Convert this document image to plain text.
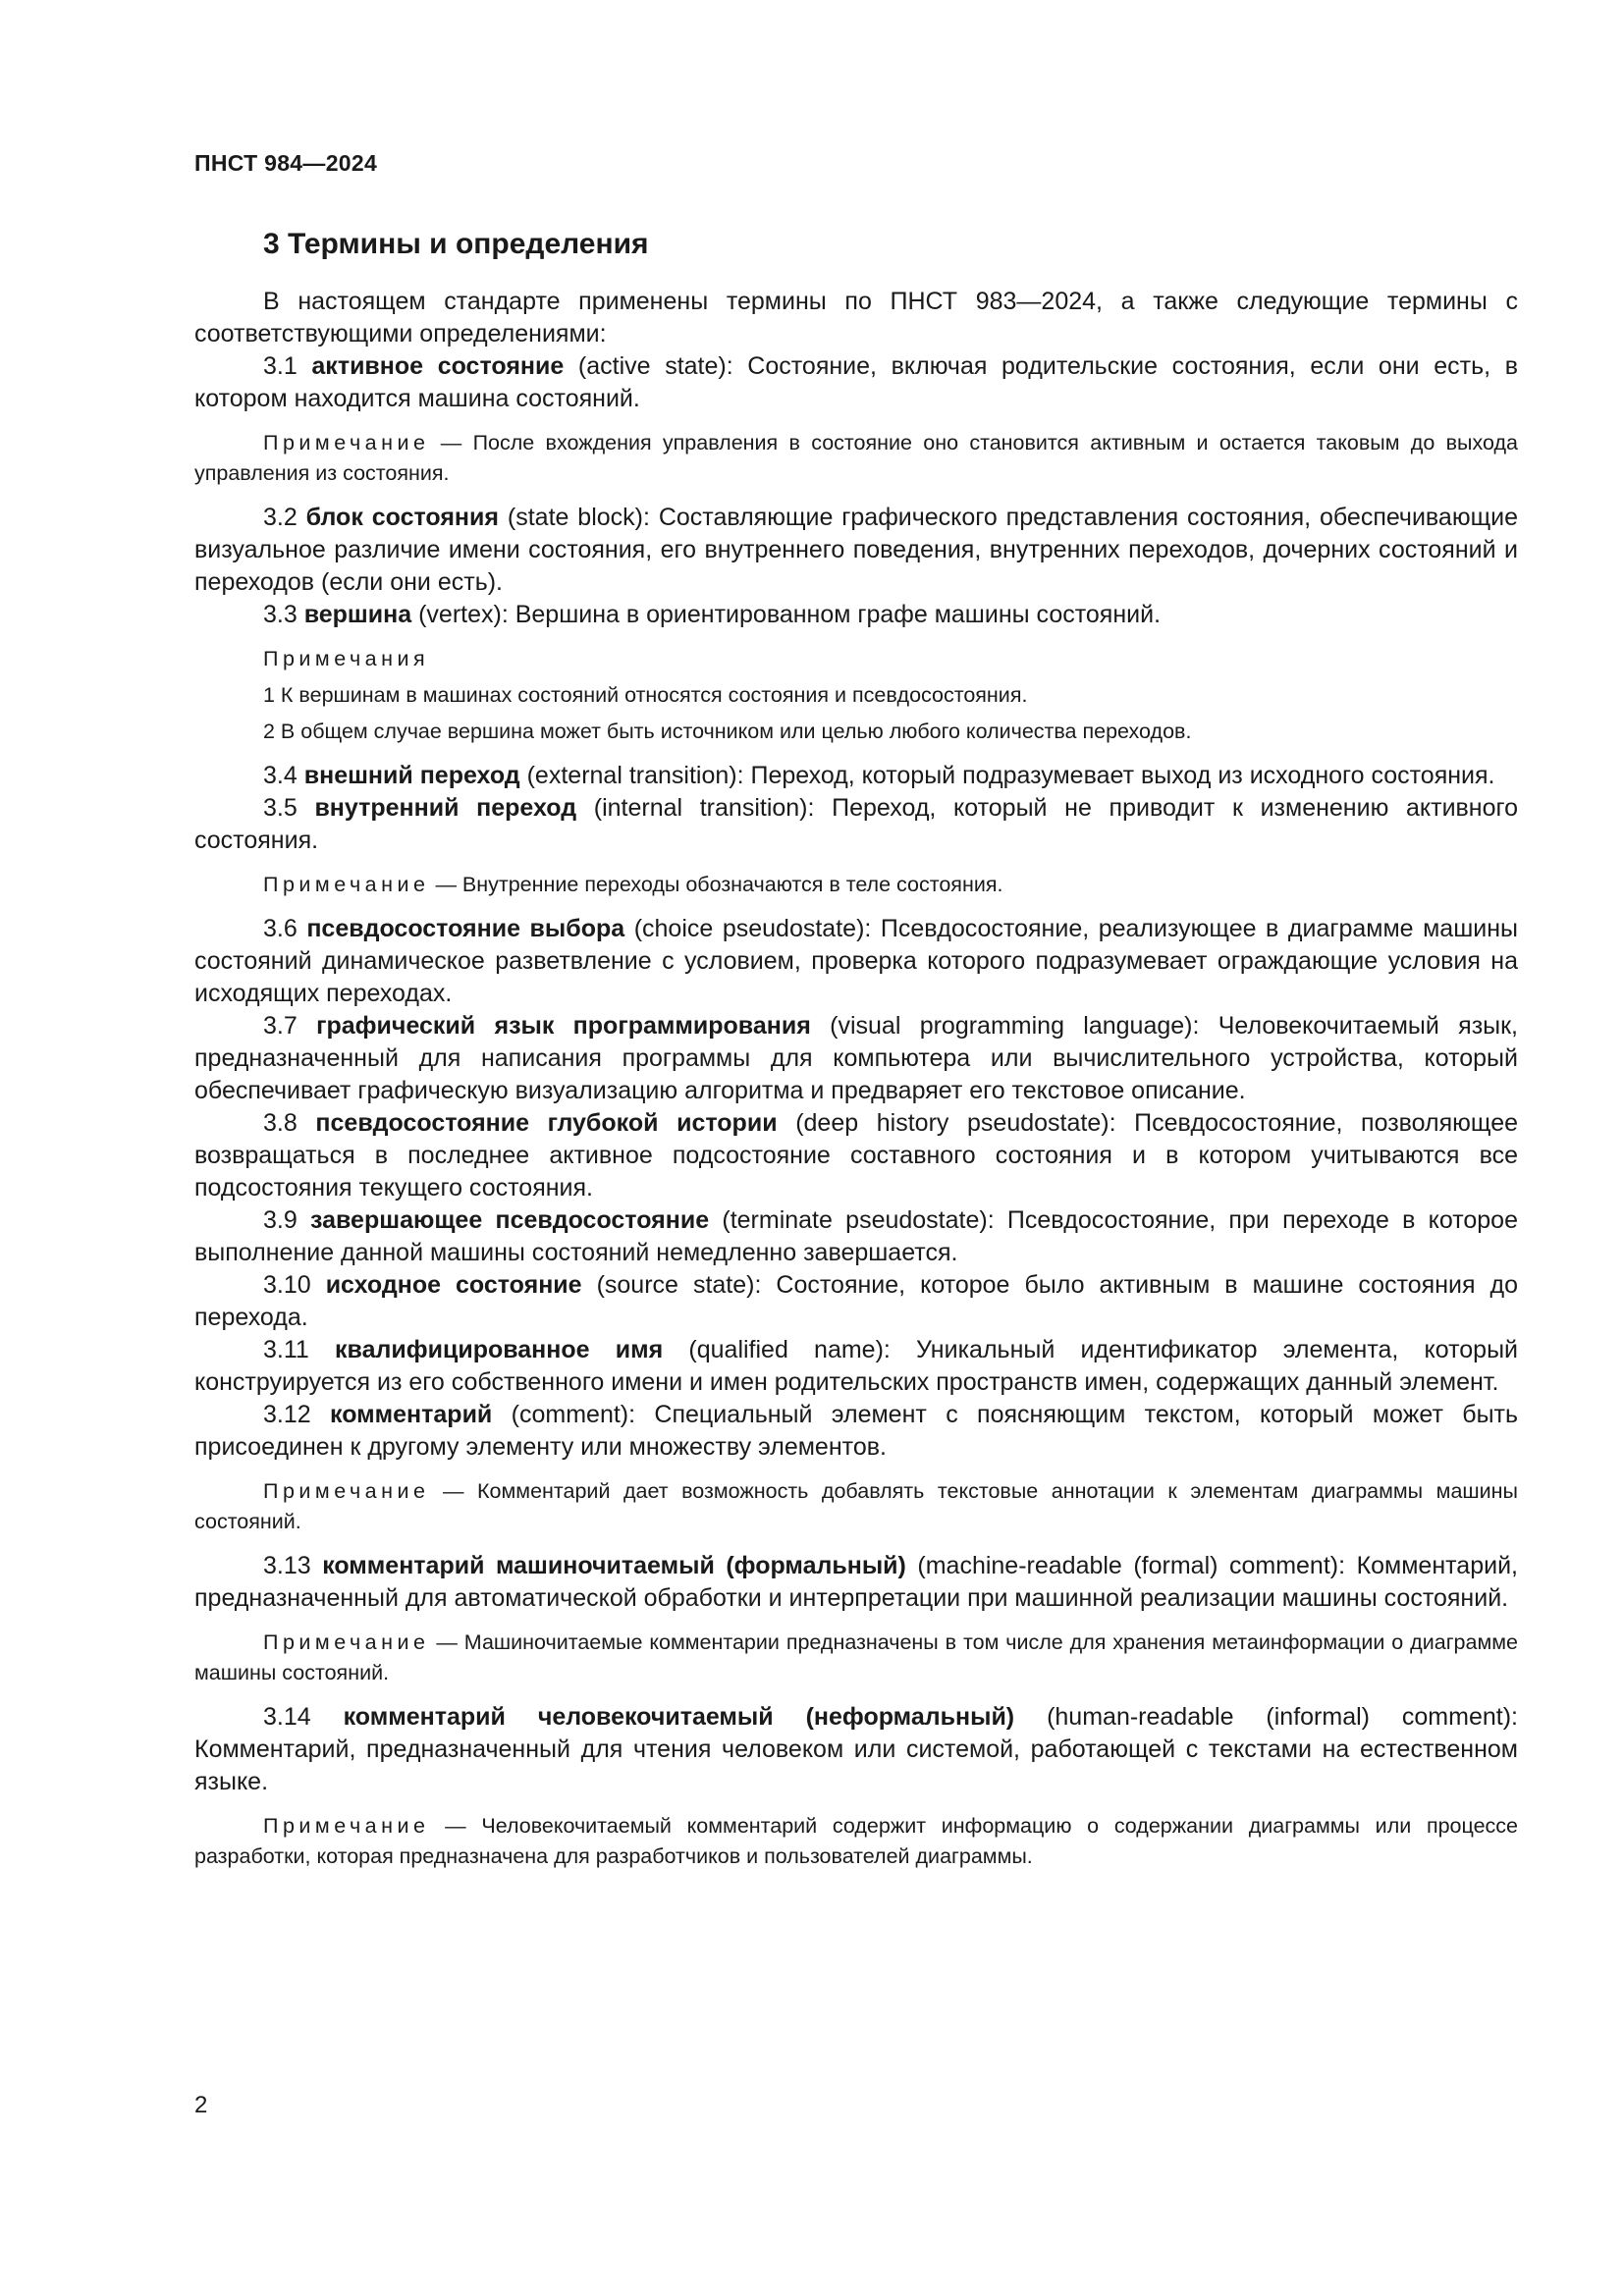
ПНСТ 984—2024
3 Термины и определения

В настоящем стандарте применены термины по ПНСТ 983—2024, а также следующие термины с соответствующими определениями:

3.1 активное состояние (active state): Состояние, включая родительские состояния, если они есть, в котором находится машина состояний.

Примечание — После вхождения управления в состояние оно становится активным и остается таковым до выхода управления из состояния.

3.2 блок состояния (state block): Составляющие графического представления состояния, обеспечивающие визуальное различие имени состояния, его внутреннего поведения, внутренних переходов, дочерних состояний и переходов (если они есть).

3.3 вершина (vertex): Вершина в ориентированном графе машины состояний.

Примечания

1 К вершинам в машинах состояний относятся состояния и псевдосостояния.

2 В общем случае вершина может быть источником или целью любого количества переходов.

3.4 внешний переход (external transition): Переход, который подразумевает выход из исходного состояния.

3.5 внутренний переход (internal transition): Переход, который не приводит к изменению активного состояния.

Примечание — Внутренние переходы обозначаются в теле состояния.

3.6 псевдосостояние выбора (choice pseudostate): Псевдосостояние, реализующее в диаграмме машины состояний динамическое разветвление с условием, проверка которого подразумевает ограждающие условия на исходящих переходах.

3.7 графический язык программирования (visual programming language): Человекочитаемый язык, предназначенный для написания программы для компьютера или вычислительного устройства, который обеспечивает графическую визуализацию алгоритма и предваряет его текстовое описание.

3.8 псевдосостояние глубокой истории (deep history pseudostate): Псевдосостояние, позволяющее возвращаться в последнее активное подсостояние составного состояния и в котором учитываются все подсостояния текущего состояния.

3.9 завершающее псевдосостояние (terminate pseudostate): Псевдосостояние, при переходе в которое выполнение данной машины состояний немедленно завершается.

3.10 исходное состояние (source state): Состояние, которое было активным в машине состояния до перехода.

3.11 квалифицированное имя (qualified name): Уникальный идентификатор элемента, который конструируется из его собственного имени и имен родительских пространств имен, содержащих данный элемент.

3.12 комментарий (comment): Специальный элемент с поясняющим текстом, который может быть присоединен к другому элементу или множеству элементов.

Примечание — Комментарий дает возможность добавлять текстовые аннотации к элементам диаграммы машины состояний.

3.13 комментарий машиночитаемый (формальный) (machine-readable (formal) comment): Комментарий, предназначенный для автоматической обработки и интерпретации при машинной реализации машины состояний.

Примечание — Машиночитаемые комментарии предназначены в том числе для хранения метаинформации о диаграмме машины состояний.

3.14 комментарий человекочитаемый (неформальный) (human-readable (informal) comment): Комментарий, предназначенный для чтения человеком или системой, работающей с текстами на естественном языке.

Примечание — Человекочитаемый комментарий содержит информацию о содержании диаграммы или процессе разработки, которая предназначена для разработчиков и пользователей диаграммы.

2
